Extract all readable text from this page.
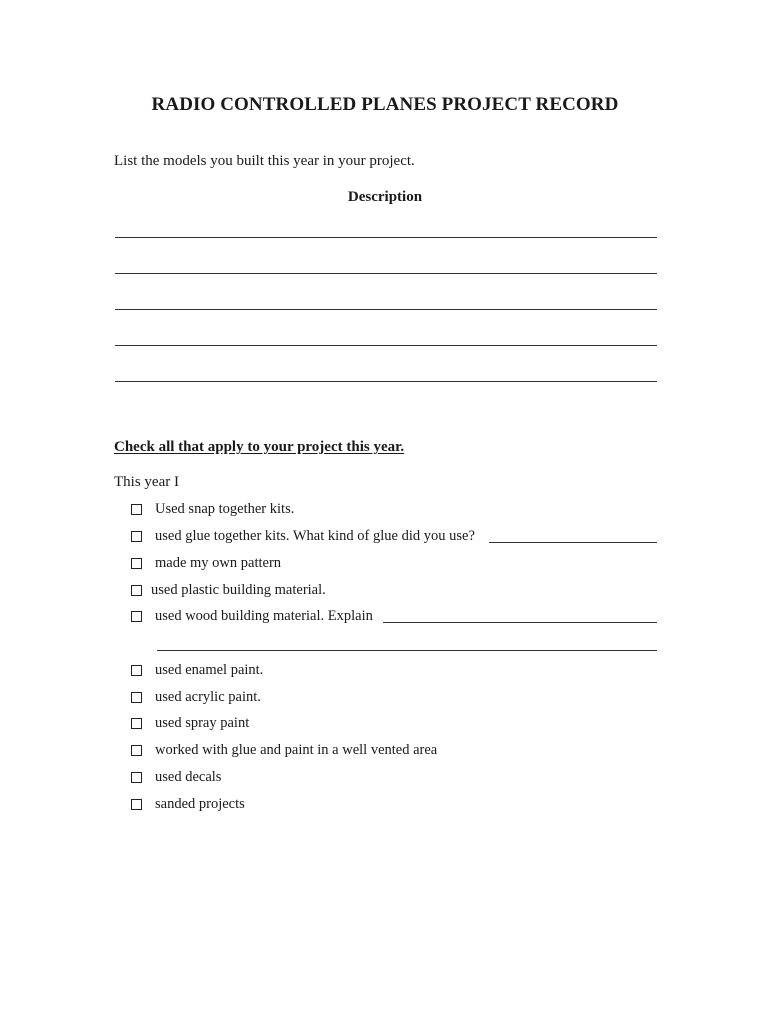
RADIO CONTROLLED PLANES PROJECT RECORD
List the models you built this year in your project.
Description
Check all that apply to your project this year.
This year I
Used snap together kits.
used glue together kits. What kind of glue did you use?
made my own pattern
used plastic building material.
used wood building material. Explain
used enamel paint.
used acrylic paint.
used spray paint
worked with glue and paint in a well vented area
used decals
sanded projects
